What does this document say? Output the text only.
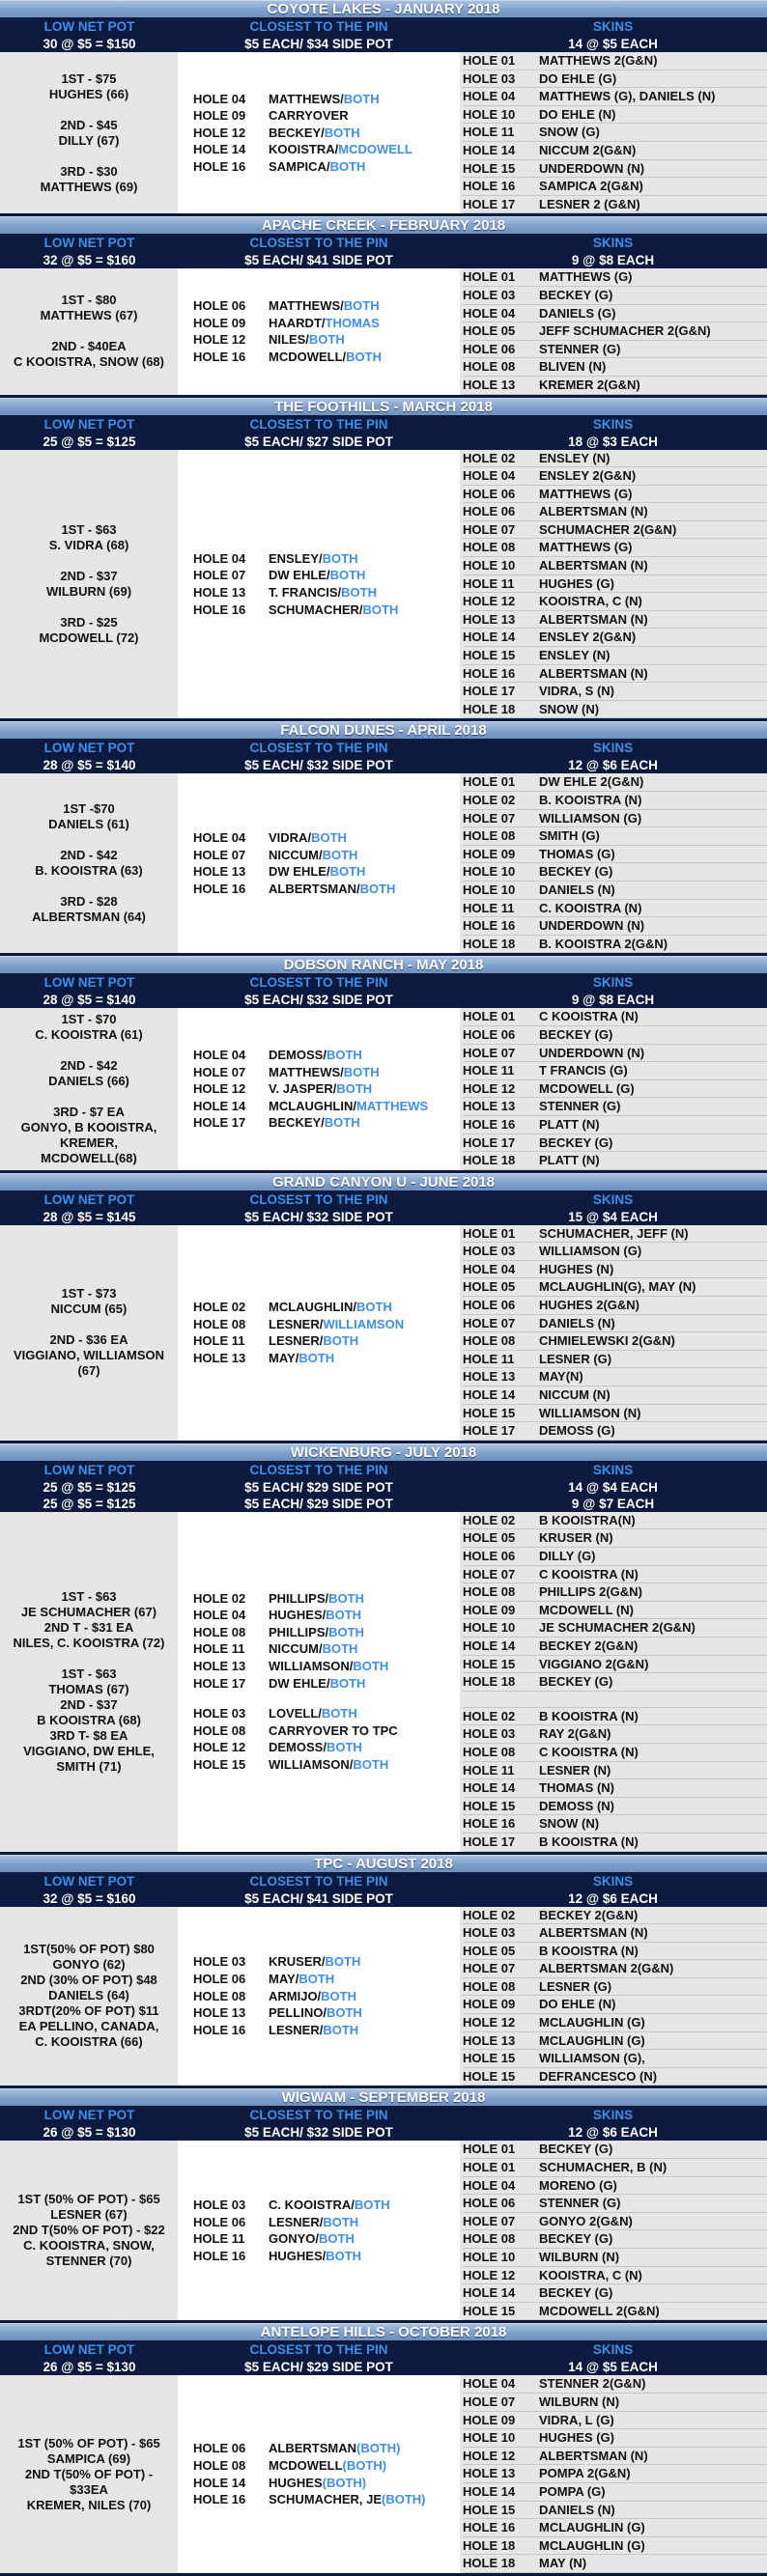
COYOTE LAKES - JANUARY 2018
LOW NET POT	CLOSEST TO THE PIN	SKINS
30 @ $5 = $150	$5 EACH/ $34 SIDE POT	14 @ $5 EACH
1ST - $75
HUGHES (66)
2ND - $45
DILLY (67)
3RD - $30
MATTHEWS (69)
HOLE 04	MATTHEWS/ BOTH
HOLE 09	CARRYOVER
HOLE 12	BECKEY/ BOTH
HOLE 14	KOOISTRA/ MCDOWELL
HOLE 16	SAMPICA/ BOTH
HOLE 01	MATTHEWS 2(G&N)
HOLE 03	DO EHLE (G)
HOLE 04	MATTHEWS (G), DANIELS (N)
HOLE 10	DO EHLE (N)
HOLE 11	SNOW (G)
HOLE 14	NICCUM 2(G&N)
HOLE 15	UNDERDOWN (N)
HOLE 16	SAMPICA 2(G&N)
HOLE 17	LESNER 2 (G&N)
APACHE CREEK - FEBRUARY 2018
LOW NET POT	CLOSEST TO THE PIN	SKINS
32 @ $5 = $160	$5 EACH/ $41 SIDE POT	9 @ $8 EACH
1ST - $80
MATTHEWS (67)
2ND - $40EA
C KOOISTRA, SNOW (68)
HOLE 06	MATTHEWS/ BOTH
HOLE 09	HAARDT/ THOMAS
HOLE 12	NILES/ BOTH
HOLE 16	MCDOWELL/ BOTH
HOLE 01	MATTHEWS (G)
HOLE 03	BECKEY (G)
HOLE 04	DANIELS (G)
HOLE 05	JEFF SCHUMACHER 2(G&N)
HOLE 06	STENNER (G)
HOLE 08	BLIVEN (N)
HOLE 13	KREMER 2(G&N)
THE FOOTHILLS - MARCH 2018
LOW NET POT	CLOSEST TO THE PIN	SKINS
25 @ $5 = $125	$5 EACH/ $27 SIDE POT	18 @ $3 EACH
1ST - $63
S. VIDRA (68)
2ND - $37
WILBURN (69)
3RD - $25
MCDOWELL (72)
HOLE 04	ENSLEY/ BOTH
HOLE 07	DW EHLE/ BOTH
HOLE 13	T. FRANCIS/ BOTH
HOLE 16	SCHUMACHER/ BOTH
HOLE 02	ENSLEY (N)
HOLE 04	ENSLEY 2(G&N)
HOLE 06	MATTHEWS (G)
HOLE 06	ALBERTSMAN (N)
HOLE 07	SCHUMACHER 2(G&N)
HOLE 08	MATTHEWS (G)
HOLE 10	ALBERTSMAN (N)
HOLE 11	HUGHES (G)
HOLE 12	KOOISTRA, C (N)
HOLE 13	ALBERTSMAN (N)
HOLE 14	ENSLEY 2(G&N)
HOLE 15	ENSLEY (N)
HOLE 16	ALBERTSMAN (N)
HOLE 17	VIDRA, S (N)
HOLE 18	SNOW (N)
FALCON DUNES - APRIL 2018
LOW NET POT	CLOSEST TO THE PIN	SKINS
28 @ $5 = $140	$5 EACH/ $32 SIDE POT	12 @ $6 EACH
1ST -$70
DANIELS (61)
2ND - $42
B. KOOISTRA (63)
3RD - $28
ALBERTSMAN (64)
HOLE 04	VIDRA/ BOTH
HOLE 07	NICCUM/ BOTH
HOLE 13	DW EHLE/ BOTH
HOLE 16	ALBERTSMAN/ BOTH
HOLE 01	DW EHLE 2(G&N)
HOLE 02	B. KOOISTRA (N)
HOLE 07	WILLIAMSON (G)
HOLE 08	SMITH (G)
HOLE 09	THOMAS (G)
HOLE 10	BECKEY (G)
HOLE 10	DANIELS (N)
HOLE 11	C. KOOISTRA (N)
HOLE 16	UNDERDOWN (N)
HOLE 18	B. KOOISTRA 2(G&N)
DOBSON RANCH - MAY 2018
LOW NET POT	CLOSEST TO THE PIN	SKINS
28 @ $5 = $140	$5 EACH/ $32 SIDE POT	9 @ $8 EACH
1ST - $70
C. KOOISTRA (61)
2ND - $42
DANIELS (66)
3RD - $7 EA
GONYO, B KOOISTRA,
KREMER,
MCDOWELL(68)
HOLE 04	DEMOSS/ BOTH
HOLE 07	MATTHEWS/ BOTH
HOLE 12	V. JASPER/ BOTH
HOLE 14	MCLAUGHLIN/ MATTHEWS
HOLE 17	BECKEY/ BOTH
HOLE 01	C KOOISTRA (N)
HOLE 06	BECKEY (G)
HOLE 07	UNDERDOWN (N)
HOLE 11	T FRANCIS (G)
HOLE 12	MCDOWELL (G)
HOLE 13	STENNER (G)
HOLE 16	PLATT (N)
HOLE 17	BECKEY (G)
HOLE 18	PLATT (N)
GRAND CANYON U - JUNE 2018
LOW NET POT	CLOSEST TO THE PIN	SKINS
28 @ $5 = $145	$5 EACH/ $32 SIDE POT	15 @ $4 EACH
1ST - $73
NICCUM (65)
2ND - $36 EA
VIGGIANO, WILLIAMSON
(67)
HOLE 02	MCLAUGHLIN/ BOTH
HOLE 08	LESNER/ WILLIAMSON
HOLE 11	LESNER/ BOTH
HOLE 13	MAY/ BOTH
HOLE 01	SCHUMACHER, JEFF (N)
HOLE 03	WILLIAMSON (G)
HOLE 04	HUGHES (N)
HOLE 05	MCLAUGHLIN(G), MAY (N)
HOLE 06	HUGHES 2(G&N)
HOLE 07	DANIELS (N)
HOLE 08	CHMIELEWSKI 2(G&N)
HOLE 11	LESNER (G)
HOLE 13	MAY(N)
HOLE 14	NICCUM (N)
HOLE 15	WILLIAMSON (N)
HOLE 17	DEMOSS (G)
WICKENBURG - JULY 2018
LOW NET POT	CLOSEST TO THE PIN	SKINS
25 @ $5 = $125	$5 EACH/ $29 SIDE POT	14 @ $4 EACH
25 @ $5 = $125	$5 EACH/ $29 SIDE POT	9 @ $7 EACH
1ST - $63
JE SCHUMACHER (67)
2ND T - $31 EA
NILES, C. KOOISTRA (72)
1ST - $63
THOMAS (67)
2ND - $37
B KOOISTRA (68)
3RD T- $8 EA
VIGGIANO, DW EHLE,
SMITH (71)
HOLE 02	PHILLIPS/ BOTH
HOLE 04	HUGHES/ BOTH
HOLE 08	PHILLIPS/ BOTH
HOLE 11	NICCUM/ BOTH
HOLE 13	WILLIAMSON/ BOTH
HOLE 17	DW EHLE/ BOTH
HOLE 03	LOVELL/ BOTH
HOLE 08	CARRYOVER TO TPC
HOLE 12	DEMOSS/ BOTH
HOLE 15	WILLIAMSON/ BOTH
HOLE 02	B KOOISTRA(N)
HOLE 05	KRUSER (N)
HOLE 06	DILLY (G)
HOLE 07	C KOOISTRA (N)
HOLE 08	PHILLIPS 2(G&N)
HOLE 09	MCDOWELL (N)
HOLE 10	JE SCHUMACHER 2(G&N)
HOLE 14	BECKEY 2(G&N)
HOLE 15	VIGGIANO 2(G&N)
HOLE 18	BECKEY (G)
HOLE 02	B KOOISTRA (N)
HOLE 03	RAY 2(G&N)
HOLE 08	C KOOISTRA (N)
HOLE 11	LESNER (N)
HOLE 14	THOMAS (N)
HOLE 15	DEMOSS (N)
HOLE 16	SNOW (N)
HOLE 17	B KOOISTRA (N)
TPC - AUGUST 2018
LOW NET POT	CLOSEST TO THE PIN	SKINS
32 @ $5 = $160	$5 EACH/ $41 SIDE POT	12 @ $6 EACH
1ST(50% OF POT) $80
GONYO (62)
2ND (30% OF POT) $48
DANIELS (64)
3RDT(20% OF POT) $11
EA PELLINO, CANADA,
C. KOOISTRA (66)
HOLE 03	KRUSER/ BOTH
HOLE 06	MAY/ BOTH
HOLE 08	ARMIJO/ BOTH
HOLE 13	PELLINO/ BOTH
HOLE 16	LESNER/ BOTH
HOLE 02	BECKEY 2(G&N)
HOLE 03	ALBERTSMAN (N)
HOLE 05	B KOOISTRA (N)
HOLE 07	ALBERTSMAN 2(G&N)
HOLE 08	LESNER (G)
HOLE 09	DO EHLE (N)
HOLE 12	MCLAUGHLIN (G)
HOLE 13	MCLAUGHLIN (G)
HOLE 15	WILLIAMSON (G),
HOLE 15	DEFRANCESCO (N)
WIGWAM - SEPTEMBER 2018
LOW NET POT	CLOSEST TO THE PIN	SKINS
26 @ $5 = $130	$5 EACH/ $32 SIDE POT	12 @ $6 EACH
1ST (50% OF POT) - $65
LESNER (67)
2ND T(50% OF POT) - $22
C. KOOISTRA, SNOW,
STENNER (70)
HOLE 03	C. KOOISTRA/ BOTH
HOLE 06	LESNER/ BOTH
HOLE 11	GONYO/ BOTH
HOLE 16	HUGHES/ BOTH
HOLE 01	BECKEY (G)
HOLE 01	SCHUMACHER, B (N)
HOLE 04	MORENO (G)
HOLE 06	STENNER (G)
HOLE 07	GONYO 2(G&N)
HOLE 08	BECKEY (G)
HOLE 10	WILBURN (N)
HOLE 12	KOOISTRA, C (N)
HOLE 14	BECKEY (G)
HOLE 15	MCDOWELL 2(G&N)
ANTELOPE HILLS - OCTOBER 2018
LOW NET POT	CLOSEST TO THE PIN	SKINS
26 @ $5 = $130	$5 EACH/ $29 SIDE POT	14 @ $5 EACH
1ST (50% OF POT) - $65
SAMPICA (69)
2ND T(50% OF POT) -
$33EA
KREMER, NILES (70)
HOLE 06	ALBERTSMAN (BOTH)
HOLE 08	MCDOWELL (BOTH)
HOLE 14	HUGHES (BOTH)
HOLE 16	SCHUMACHER, JE (BOTH)
HOLE 04	STENNER 2(G&N)
HOLE 07	WILBURN (N)
HOLE 09	VIDRA, L (G)
HOLE 10	HUGHES (G)
HOLE 12	ALBERTSMAN (N)
HOLE 13	POMPA 2(G&N)
HOLE 14	POMPA (G)
HOLE 15	DANIELS (N)
HOLE 16	MCLAUGHLIN (G)
HOLE 18	MCLAUGHLIN (G)
HOLE 18	MAY (N)
